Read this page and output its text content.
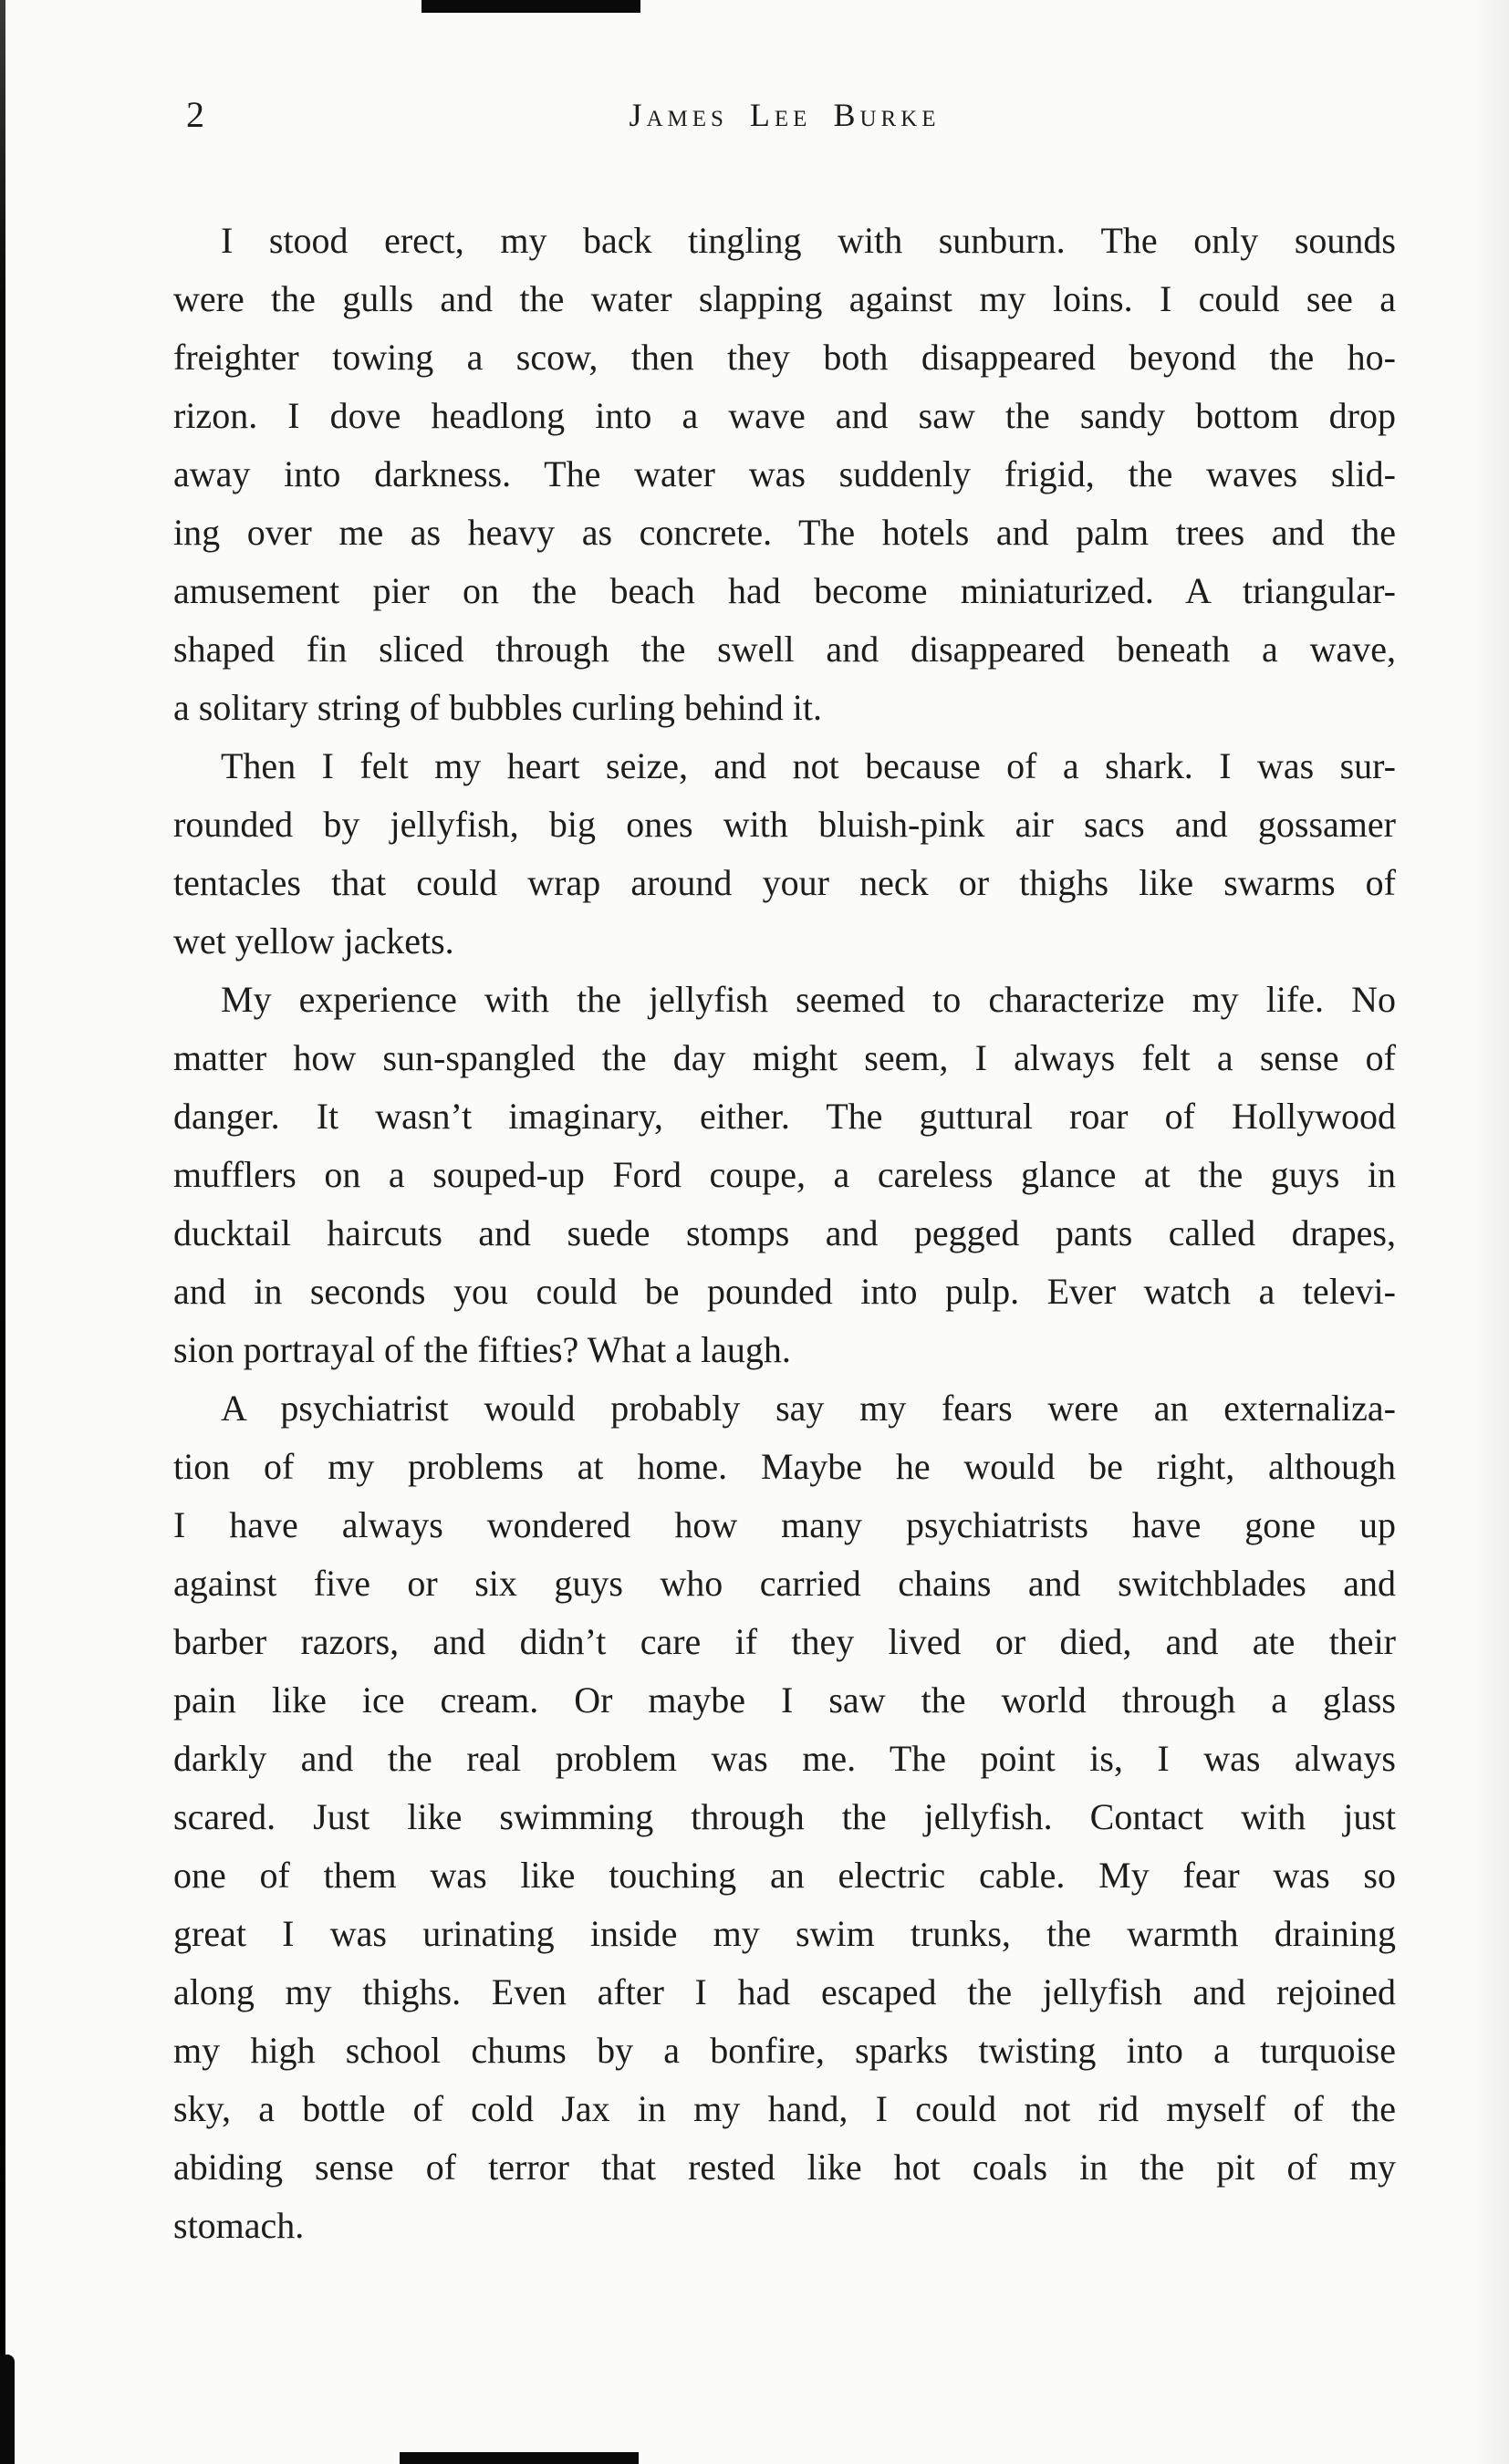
2	James Lee Burke
I stood erect, my back tingling with sunburn. The only sounds
were the gulls and the water slapping against my loins. I could see a
freighter towing a scow, then they both disappeared beyond the ho-
rizon. I dove headlong into a wave and saw the sandy bottom drop
away into darkness. The water was suddenly frigid, the waves slid-
ing over me as heavy as concrete. The hotels and palm trees and the
amusement pier on the beach had become miniaturized. A triangular-
shaped fin sliced through the swell and disappeared beneath a wave,
a solitary string of bubbles curling behind it.
Then I felt my heart seize, and not because of a shark. I was sur-
rounded by jellyfish, big ones with bluish-pink air sacs and gossamer
tentacles that could wrap around your neck or thighs like swarms of
wet yellow jackets.
My experience with the jellyfish seemed to characterize my life. No
matter how sun-spangled the day might seem, I always felt a sense of
danger. It wasn’t imaginary, either. The guttural roar of Hollywood
mufflers on a souped-up Ford coupe, a careless glance at the guys in
ducktail haircuts and suede stomps and pegged pants called drapes,
and in seconds you could be pounded into pulp. Ever watch a televi-
sion portrayal of the fifties? What a laugh.
A psychiatrist would probably say my fears were an externaliza-
tion of my problems at home. Maybe he would be right, although
I have always wondered how many psychiatrists have gone up
against five or six guys who carried chains and switchblades and
barber razors, and didn’t care if they lived or died, and ate their
pain like ice cream. Or maybe I saw the world through a glass
darkly and the real problem was me. The point is, I was always
scared. Just like swimming through the jellyfish. Contact with just
one of them was like touching an electric cable. My fear was so
great I was urinating inside my swim trunks, the warmth draining
along my thighs. Even after I had escaped the jellyfish and rejoined
my high school chums by a bonfire, sparks twisting into a turquoise
sky, a bottle of cold Jax in my hand, I could not rid myself of the
abiding sense of terror that rested like hot coals in the pit of my
stomach.
